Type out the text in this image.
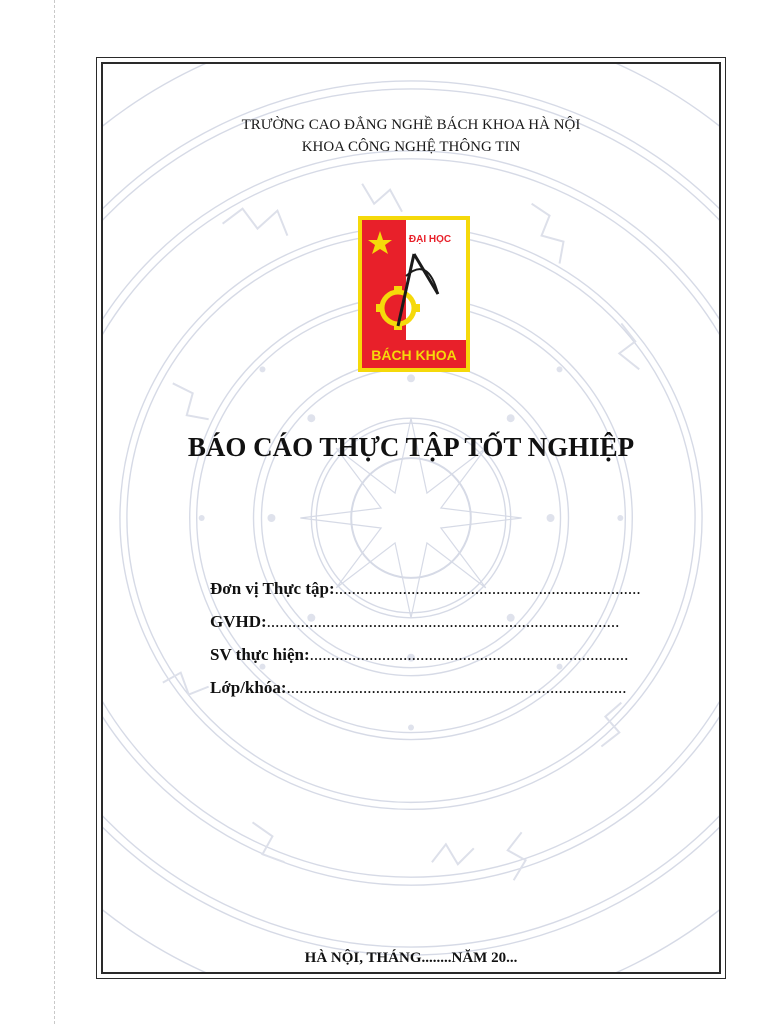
TRƯỜNG CAO ĐẲNG NGHỀ BÁCH KHOA HÀ NỘI
KHOA CÔNG NGHỆ THÔNG TIN
ĐẠI HỌC
BÁCH KHOA
BÁO CÁO THỰC TẬP TỐT NGHIỆP
Đơn vị Thực tập:........................................................................
GVHD:...................................................................................
SV thực hiện:...........................................................................
Lớp/khóa:................................................................................
HÀ NỘI, THÁNG........NĂM 20...
